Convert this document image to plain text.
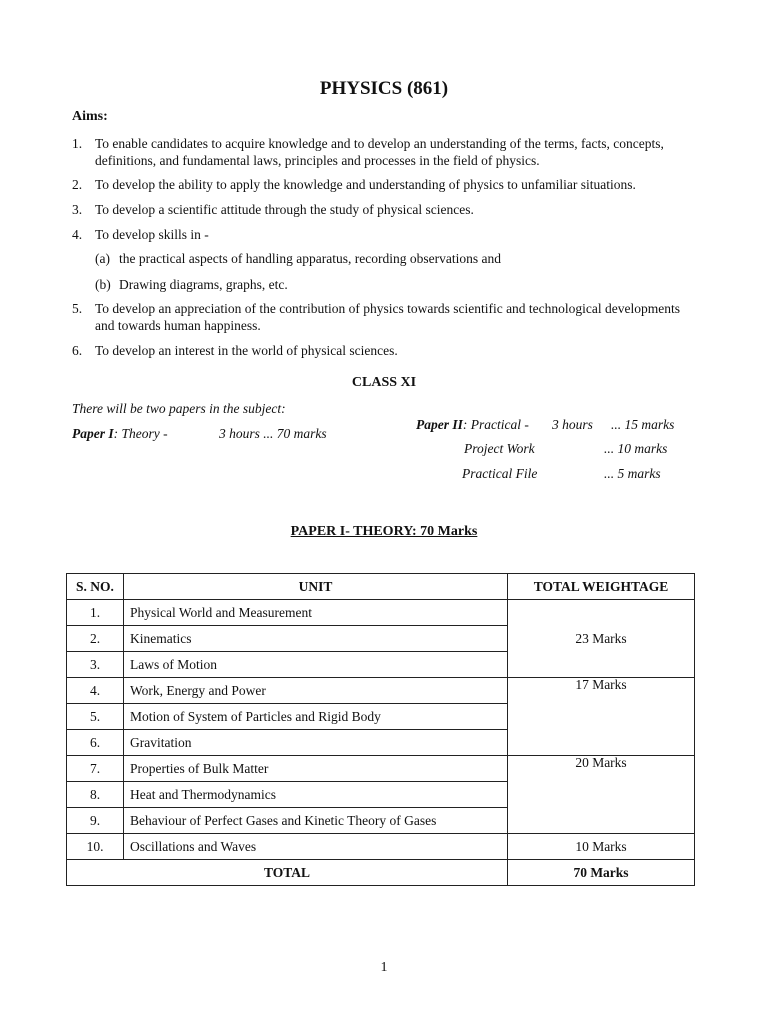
PHYSICS (861)
Aims:
1. To enable candidates to acquire knowledge and to develop an understanding of the terms, facts, concepts, definitions, and fundamental laws, principles and processes in the field of physics.
2. To develop the ability to apply the knowledge and understanding of physics to unfamiliar situations.
3. To develop a scientific attitude through the study of physical sciences.
4. To develop skills in -
(a) the practical aspects of handling apparatus, recording observations and
(b) Drawing diagrams, graphs, etc.
5. To develop an appreciation of the contribution of physics towards scientific and technological developments and towards human happiness.
6. To develop an interest in the world of physical sciences.
CLASS XI
There will be two papers in the subject:
Paper I: Theory -	3 hours ... 70 marks
Paper II: Practical - 3 hours ... 15 marks
Project Work	... 10 marks
Practical File	... 5 marks
PAPER I- THEORY: 70 Marks
S. NO.	UNIT	TOTAL WEIGHTAGE
1.	Physical World and Measurement	23 Marks
2.	Kinematics	
3.	Laws of Motion	
4.	Work, Energy and Power	17 Marks
5.	Motion of System of Particles and Rigid Body	
6.	Gravitation	
7.	Properties of Bulk Matter	20 Marks
8.	Heat and Thermodynamics	
9.	Behaviour of Perfect Gases and Kinetic Theory of Gases	
10.	Oscillations and Waves	10 Marks
TOTAL		70 Marks
1
